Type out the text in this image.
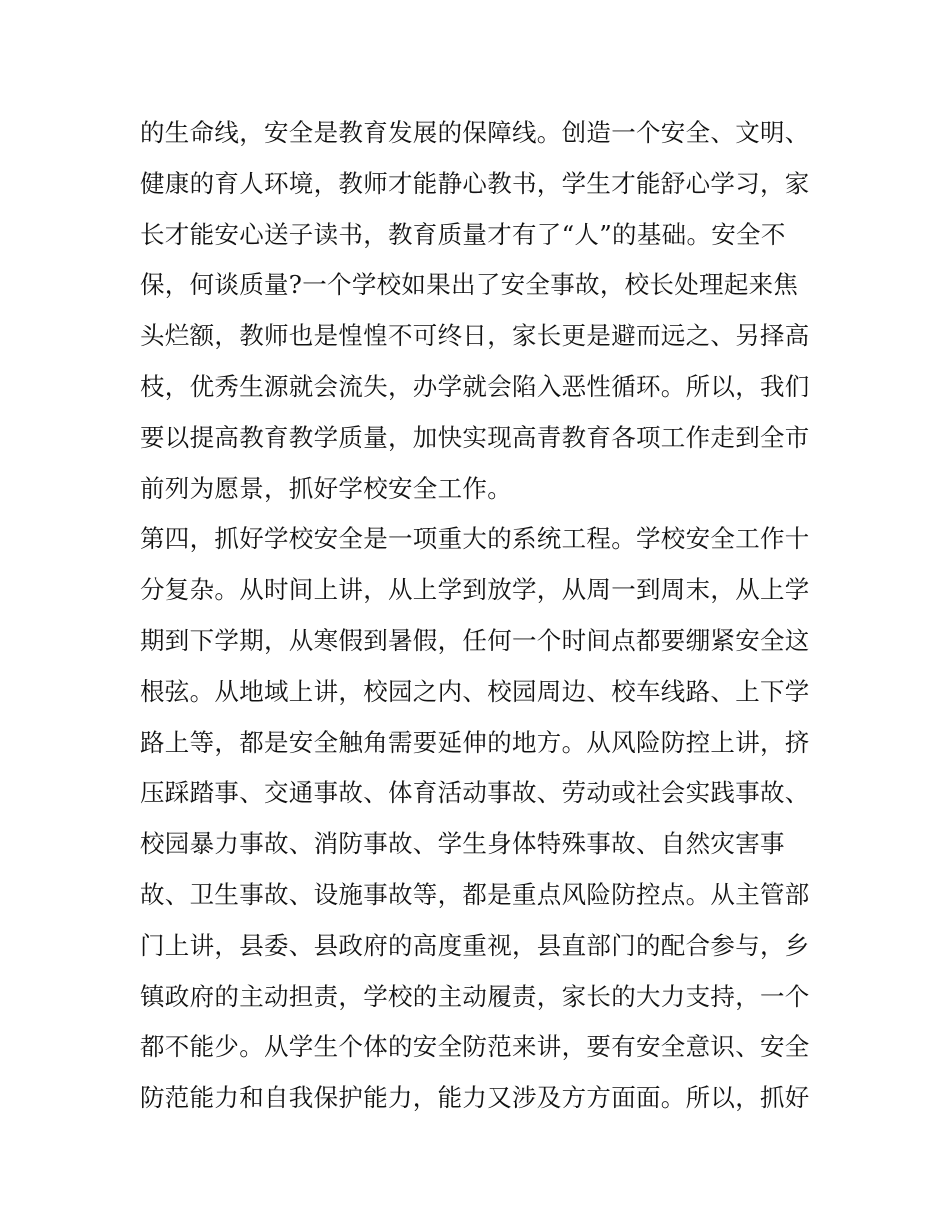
的生命线，安全是教育发展的保障线。创造一个安全、文明、
健康的育人环境，教师才能静心教书，学生才能舒心学习，家
长才能安心送子读书，教育质量才有了“人”的基础。安全不
保，何谈质量?一个学校如果出了安全事故，校长处理起来焦
头烂额，教师也是惶惶不可终日，家长更是避而远之、另择高
枝，优秀生源就会流失，办学就会陷入恶性循环。所以，我们
要以提高教育教学质量，加快实现高青教育各项工作走到全市
前列为愿景，抓好学校安全工作。
第四，抓好学校安全是一项重大的系统工程。学校安全工作十
分复杂。从时间上讲，从上学到放学，从周一到周末，从上学
期到下学期，从寒假到暑假，任何一个时间点都要绷紧安全这
根弦。从地域上讲，校园之内、校园周边、校车线路、上下学
路上等，都是安全触角需要延伸的地方。从风险防控上讲，挤
压踩踏事、交通事故、体育活动事故、劳动或社会实践事故、
校园暴力事故、消防事故、学生身体特殊事故、自然灾害事
故、卫生事故、设施事故等，都是重点风险防控点。从主管部
门上讲，县委、县政府的高度重视，县直部门的配合参与，乡
镇政府的主动担责，学校的主动履责，家长的大力支持，一个
都不能少。从学生个体的安全防范来讲，要有安全意识、安全
防范能力和自我保护能力，能力又涉及方方面面。所以，抓好
